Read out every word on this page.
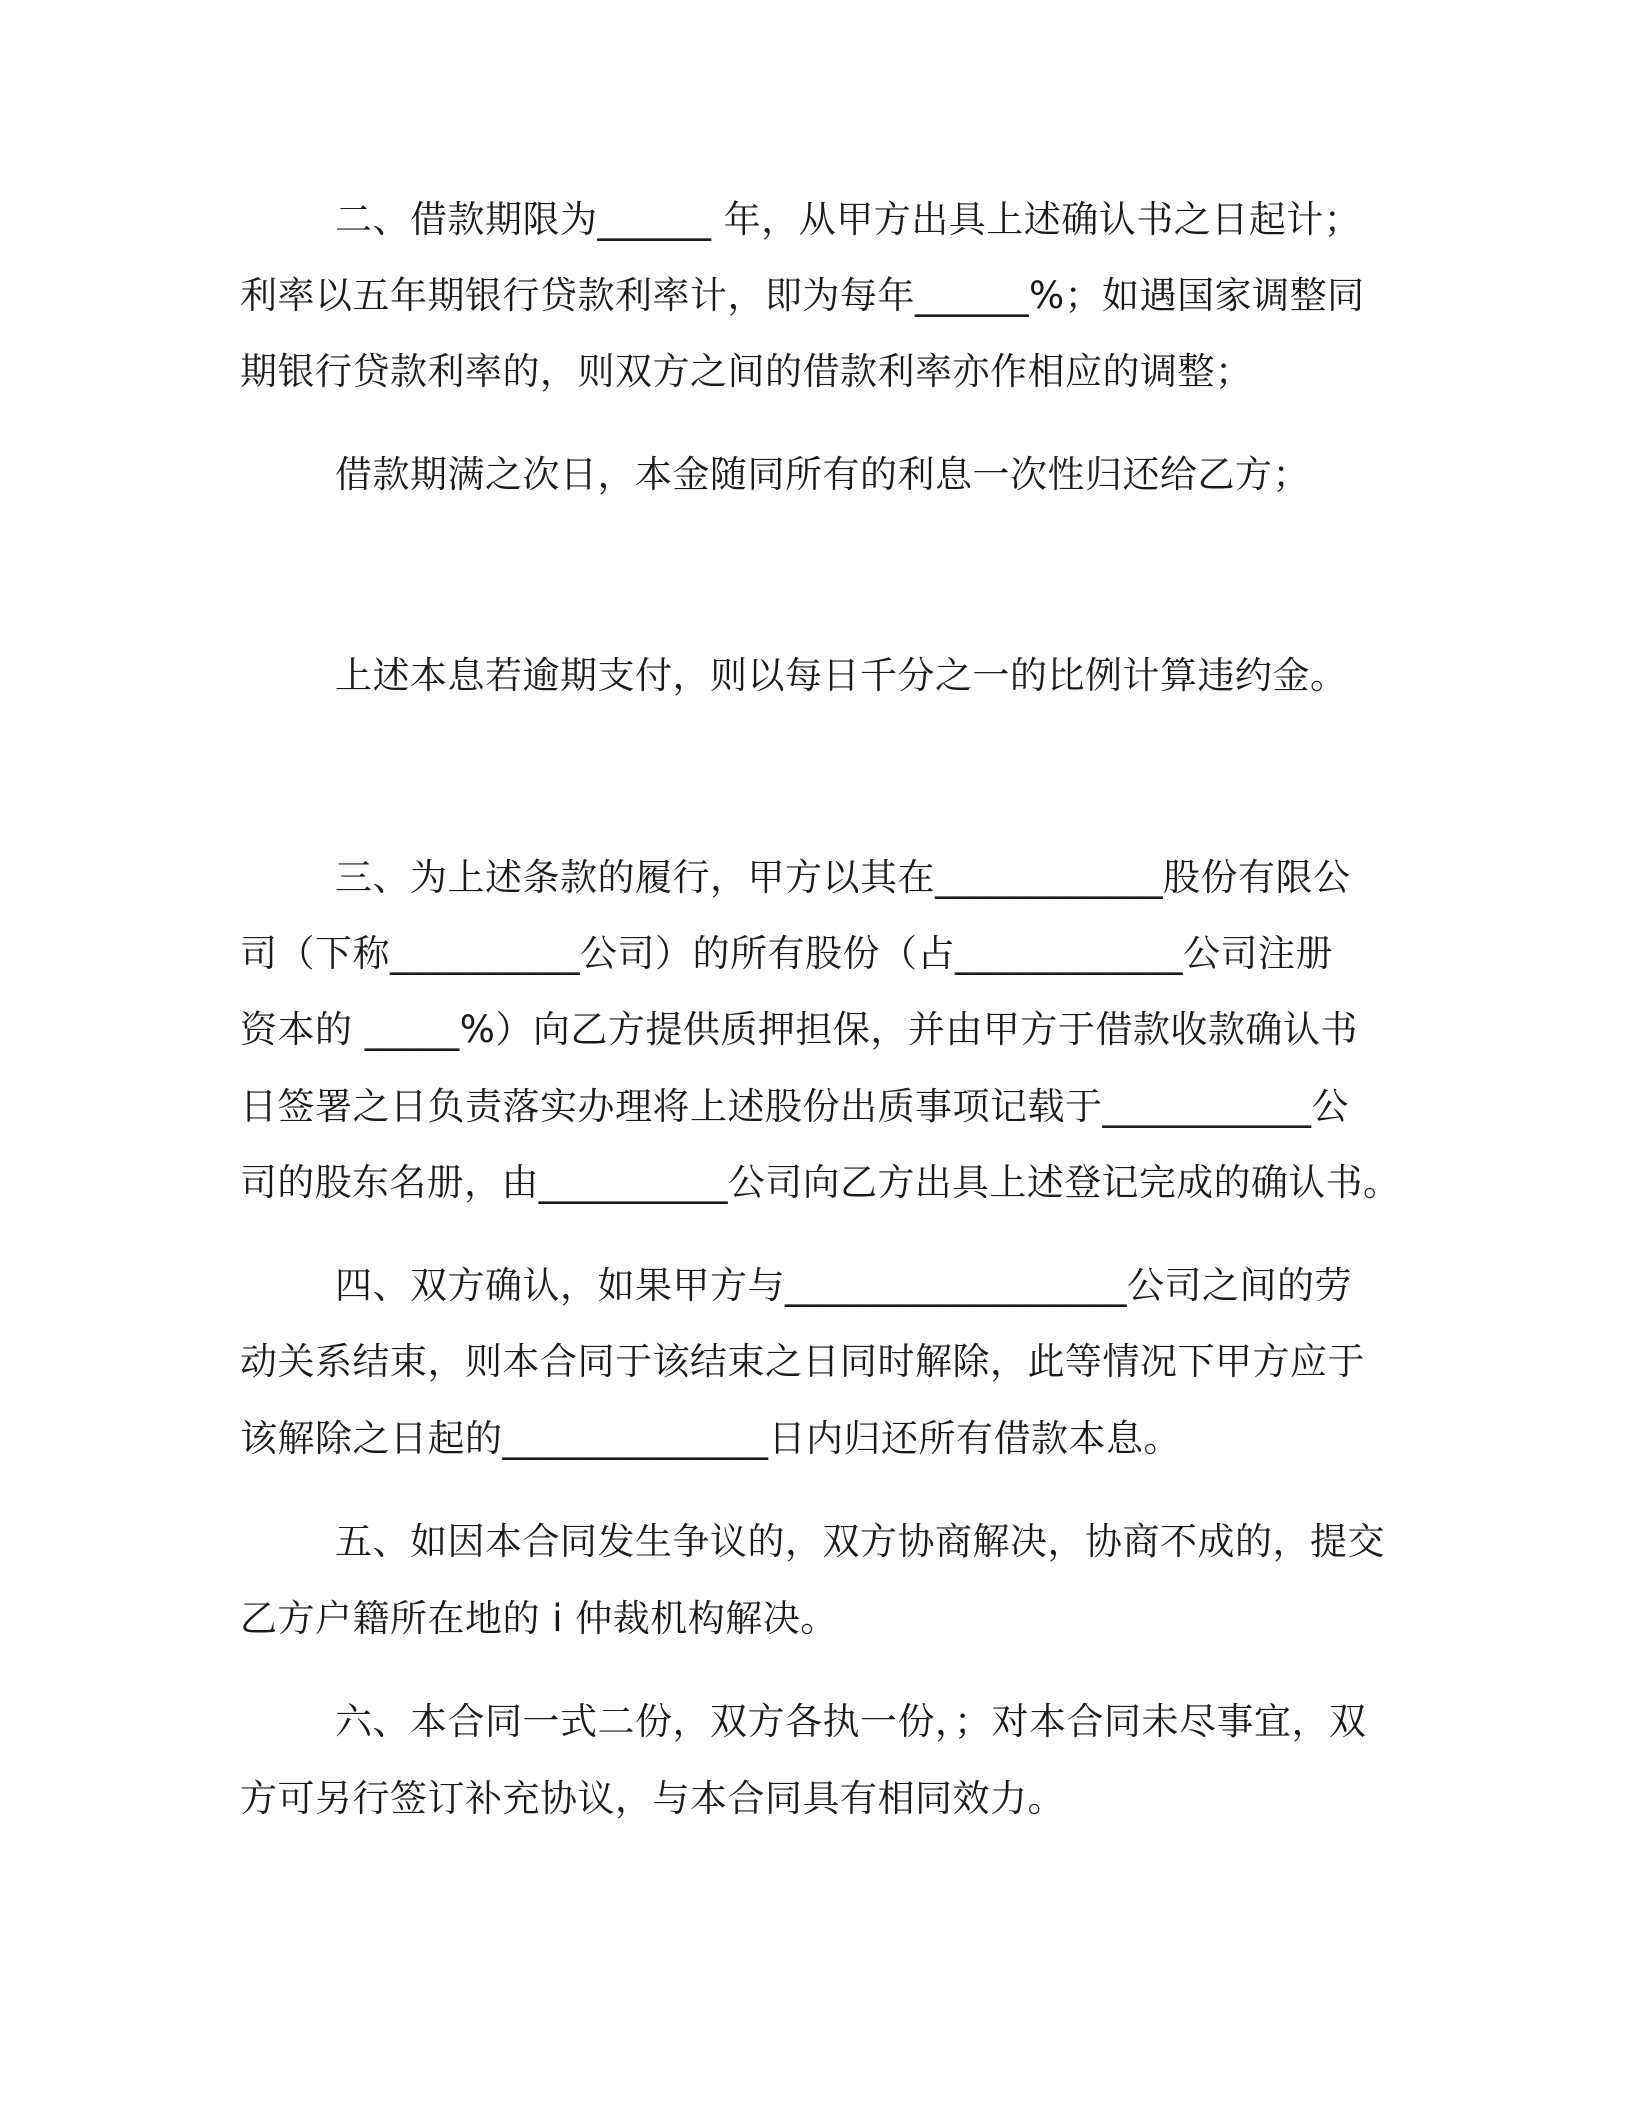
二、借款期限为______ 年，从甲方出具上述确认书之日起计；
利率以五年期银行贷款利率计，即为每年______%；如遇国家调整同
期银行贷款利率的，则双方之间的借款利率亦作相应的调整；
借款期满之次日，本金随同所有的利息一次性归还给乙方；
上述本息若逾期支付，则以每日千分之一的比例计算违约金。
三、为上述条款的履行，甲方以其在____________股份有限公
司（下称__________公司）的所有股份（占____________公司注册
资本的 _____%）向乙方提供质押担保，并由甲方于借款收款确认书
日签署之日负责落实办理将上述股份出质事项记载于___________公
司的股东名册，由__________公司向乙方出具上述登记完成的确认书。
四、双方确认，如果甲方与__________________公司之间的劳
动关系结束，则本合同于该结束之日同时解除，此等情况下甲方应于
该解除之日起的______________日内归还所有借款本息。
五、如因本合同发生争议的，双方协商解决，协商不成的，提交
乙方户籍所在地的 i 仲裁机构解决。
六、本合同一式二份，双方各执一份，；对本合同未尽事宜，双
方可另行签订补充协议，与本合同具有相同效力。
